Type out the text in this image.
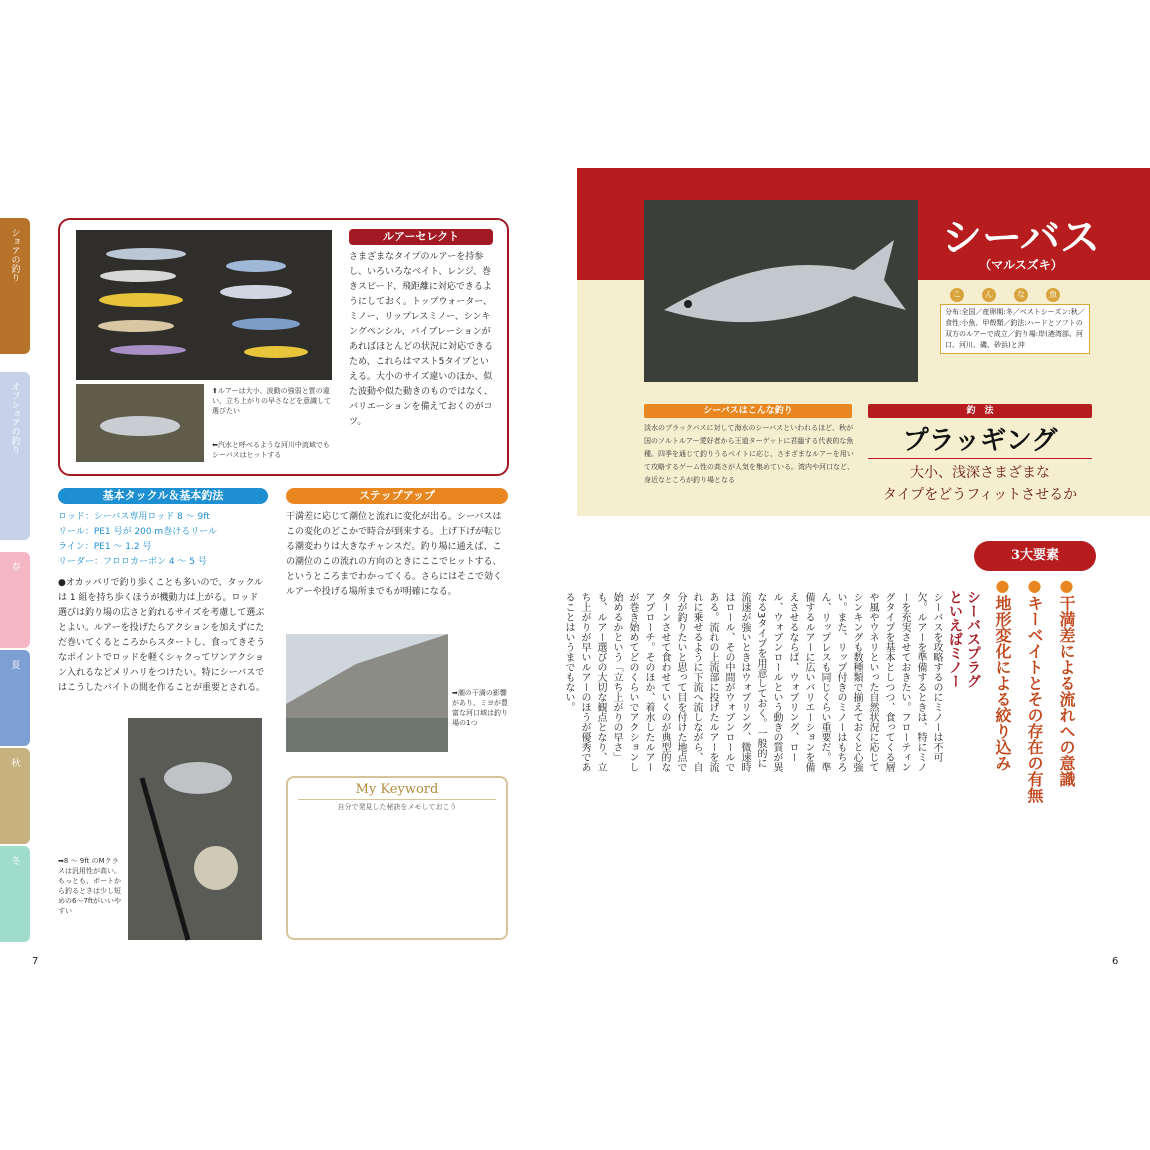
ショアの釣り
オフショアの釣り
春
夏
秋
冬
⬆ルアーは大小、波動の強弱と質の違い、立ち上がりの早さなどを意識して選びたい
⬅汽水と呼べるような河川中流域でもシーバスはヒットする
ルアーセレクト
さまざまなタイプのルアーを持参し、いろいろなベイト、レンジ、巻きスピード、飛距離に対応できるようにしておく。トップウォーター、ミノー、リップレスミノー、シンキングペンシル、バイブレーションがあればほとんどの状況に対応できるため、これらはマスト5タイプといえる。大小のサイズ違いのほか、似た波動や似た動きのものではなく、バリエーションを備えておくのがコツ。
基本タックル＆基本釣法
ロッド：シーバス専用ロッド 8 〜 9ft
リール：PE1 号が 200 m巻けるリール
ライン：PE1 〜 1.2 号
リーダー：フロロカーボン 4 〜 5 号
●オカッパリで釣り歩くことも多いので、タックルは 1 組を持ち歩くほうが機動力は上がる。ロッド選びは釣り場の広さと釣れるサイズを考慮して選ぶとよい。ルアーを投げたらアクションを加えずにただ巻いてくるところからスタートし、食ってきそうなポイントでロッドを軽くシャクってワンアクション入れるなどメリハリをつけたい。特にシーバスではこうしたバイトの間を作ることが重要とされる。
➡8 〜 9ft のMクラスは汎用性が高い。もっとも、ボートから釣るときは少し短めの6〜7ftがいいやすい
ステップアップ
干満差に応じて潮位と流れに変化が出る。シーバスはこの変化のどこかで時合が到来する。上げ下げが転じる潮変わりは大きなチャンスだ。釣り場に通えば、この潮位のこの流れの方向のときにここでヒットする、というところまでわかってくる。さらにはそこで効くルアーや投げる場所までもが明確になる。
➡潮の干満の影響があり、ミヨが豊富な河口域は釣り場の1つ
My Keyword
自分で発見した秘訣をメモしておこう
7
シーバス
（マルスズキ）
こ	ん	な	魚
分布:全国／産卵期:冬／ベストシーズン:秋／食性:小魚、甲殻類／釣法:ハードとソフトの双方のルアーで成立／釣り場:岸(港湾部、河口、河川、磯、砂浜)と沖
シーバスはこんな釣り
淡水のブラックバスに対して海水のシーバスといわれるほど、秋が国のソルトルアー愛好者から王道ターゲットに君臨する代表的な魚種。四季を通じて釣りうるベイトに応じ、さまざまなルアーを用いて攻略するゲーム性の高さが人気を集めている。湾内や河口など、身近なところが釣り場となる
釣　法
プラッギング
大小、浅深さまざまな
タイプをどうフィットさせるか
3大要素
●干満差による流れへの意識
●キーベイトとその存在の有無
●地形変化による絞り込み
シーバスプラグ
といえばミノー
シーバスを攻略するのにミノーは不可欠。ルアーを準備するときは、特にミノーを充実させておきたい。フローティングタイプを基本としつつ、食ってくる層や風やウネリといった自然状況に応じてシンキングも数種類で揃えておくと心強い。また、リップ付きのミノーはもちろん、リップレスも同じくらい重要だ。準備するルアーに広いバリエーションを備えさせるならば、ウォブリング、ロール、ウォブンロールという動きの質が異なる3タイプを用意しておく。一般的に流速が強いときはウォブリング、微速時はロール、その中間がウォブンロールである。流れの上流部に投げたルアーを流れに乗せるように下流へ流しながら、自分が釣りたいと思って目を付けた地点でターンさせて食わせていくのが典型的なアプローチ。そのほか、着水したルアーが巻き始めてどのくらいでアクションし始めるかという「立ち上がりの早さ」も、ルアー選びの大切な観点となり、立ち上がりが早いルアーのほうが優秀であることはいうまでもない。
6
